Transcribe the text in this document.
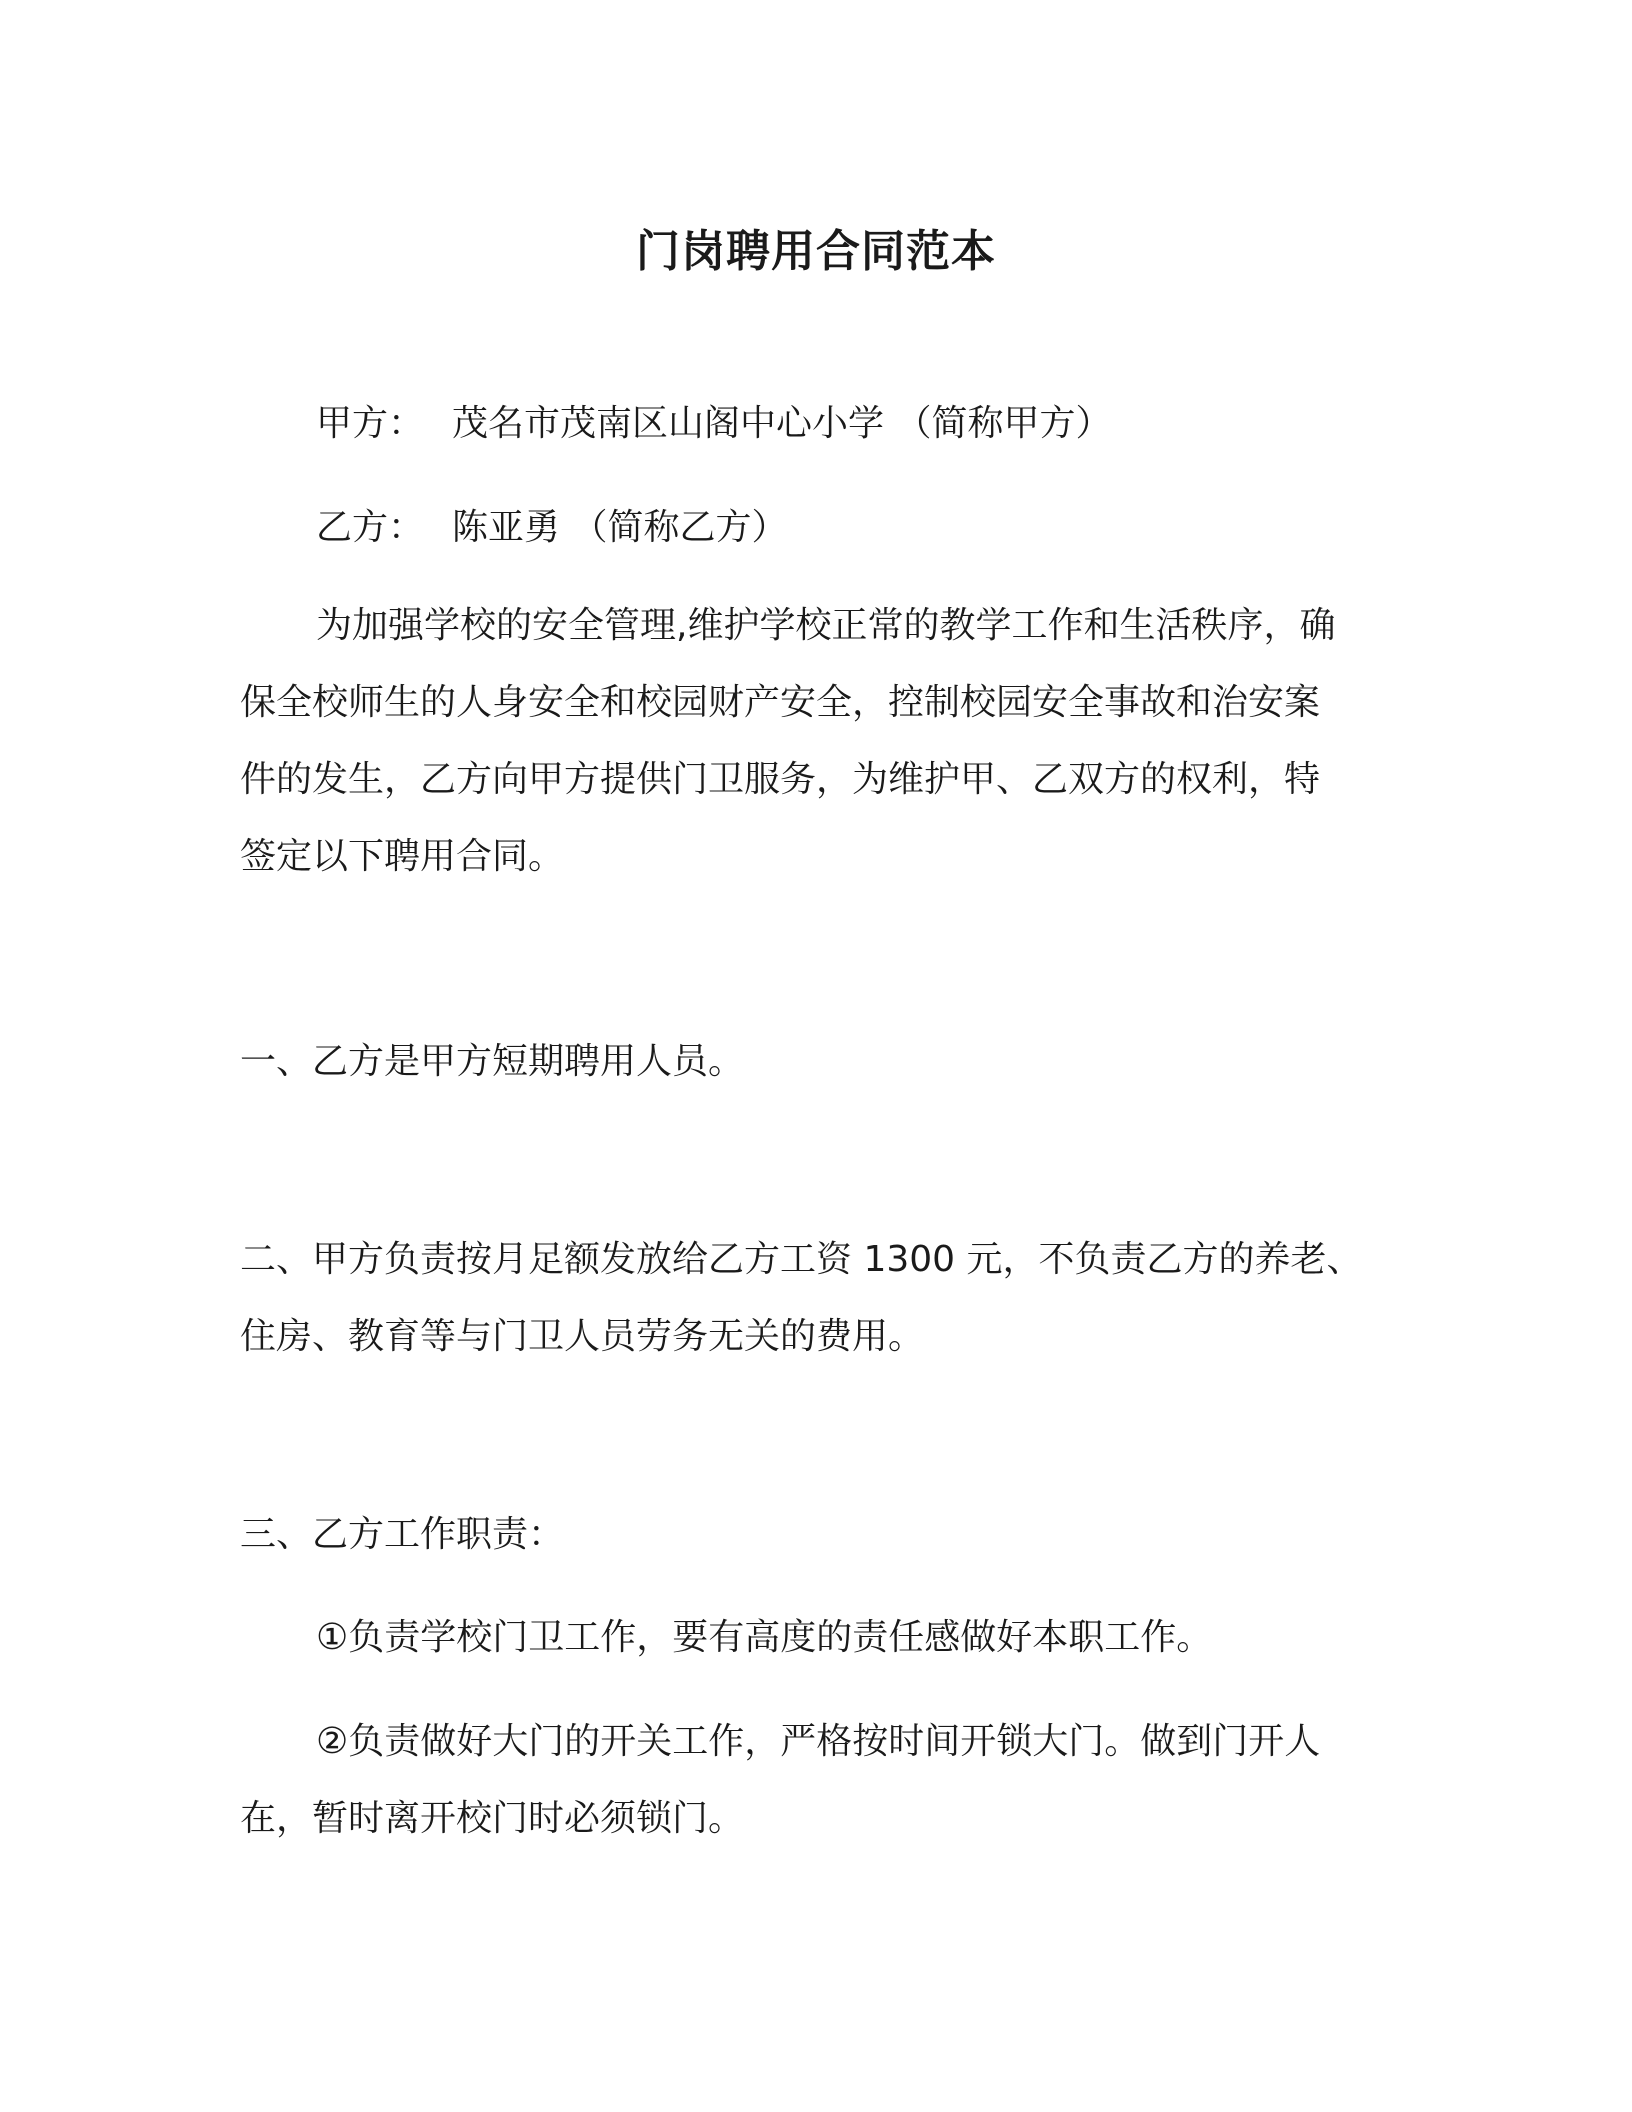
门岗聘用合同范本

甲方： 茂名市茂南区山阁中心小学 （简称甲方）

乙方： 陈亚勇 （简称乙方）

为加强学校的安全管理,维护学校正常的教学工作和生活秩序，确

保全校师生的人身安全和校园财产安全，控制校园安全事故和治安案

件的发生，乙方向甲方提供门卫服务，为维护甲、乙双方的权利，特

签定以下聘用合同。

一、乙方是甲方短期聘用人员。

二、甲方负责按月足额发放给乙方工资 1300 元，不负责乙方的养老、

住房、教育等与门卫人员劳务无关的费用。

三、乙方工作职责：

①负责学校门卫工作，要有高度的责任感做好本职工作。

②负责做好大门的开关工作，严格按时间开锁大门。做到门开人

在，暂时离开校门时必须锁门。
